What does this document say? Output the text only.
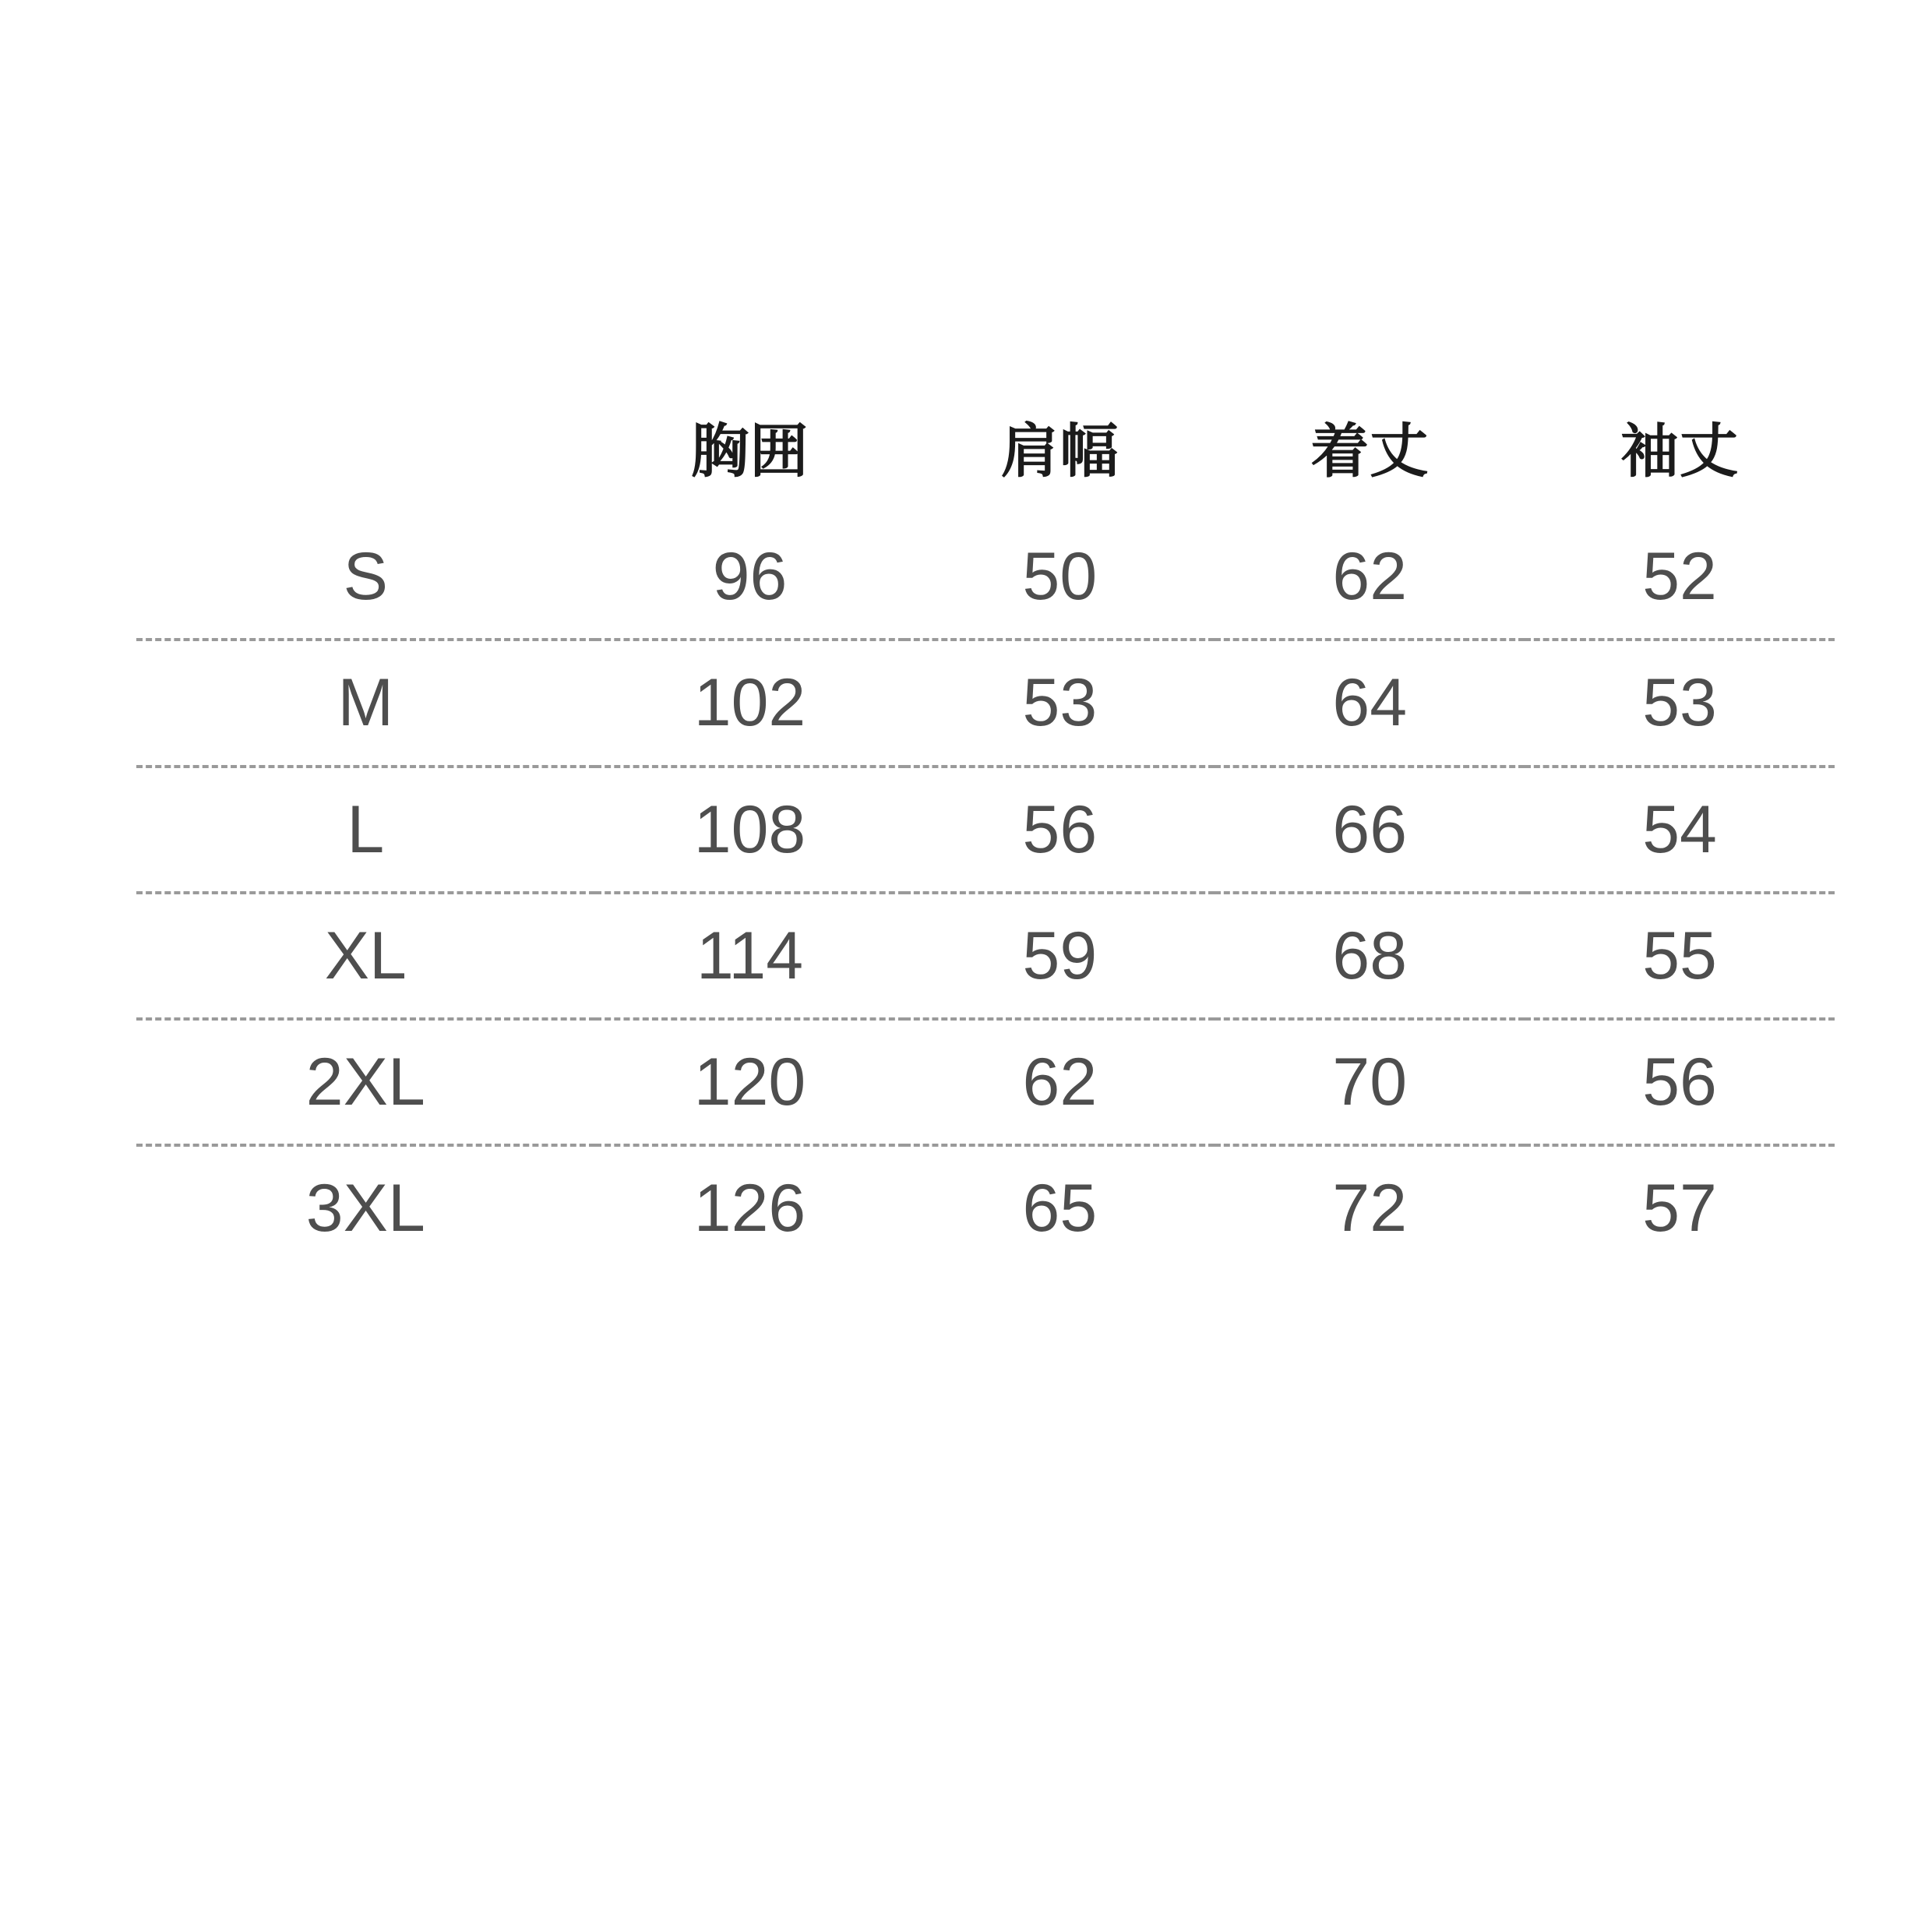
	胸囲	肩幅	着丈	袖丈
S	96	50	62	52
M	102	53	64	53
L	108	56	66	54
XL	114	59	68	55
2XL	120	62	70	56
3XL	126	65	72	57
